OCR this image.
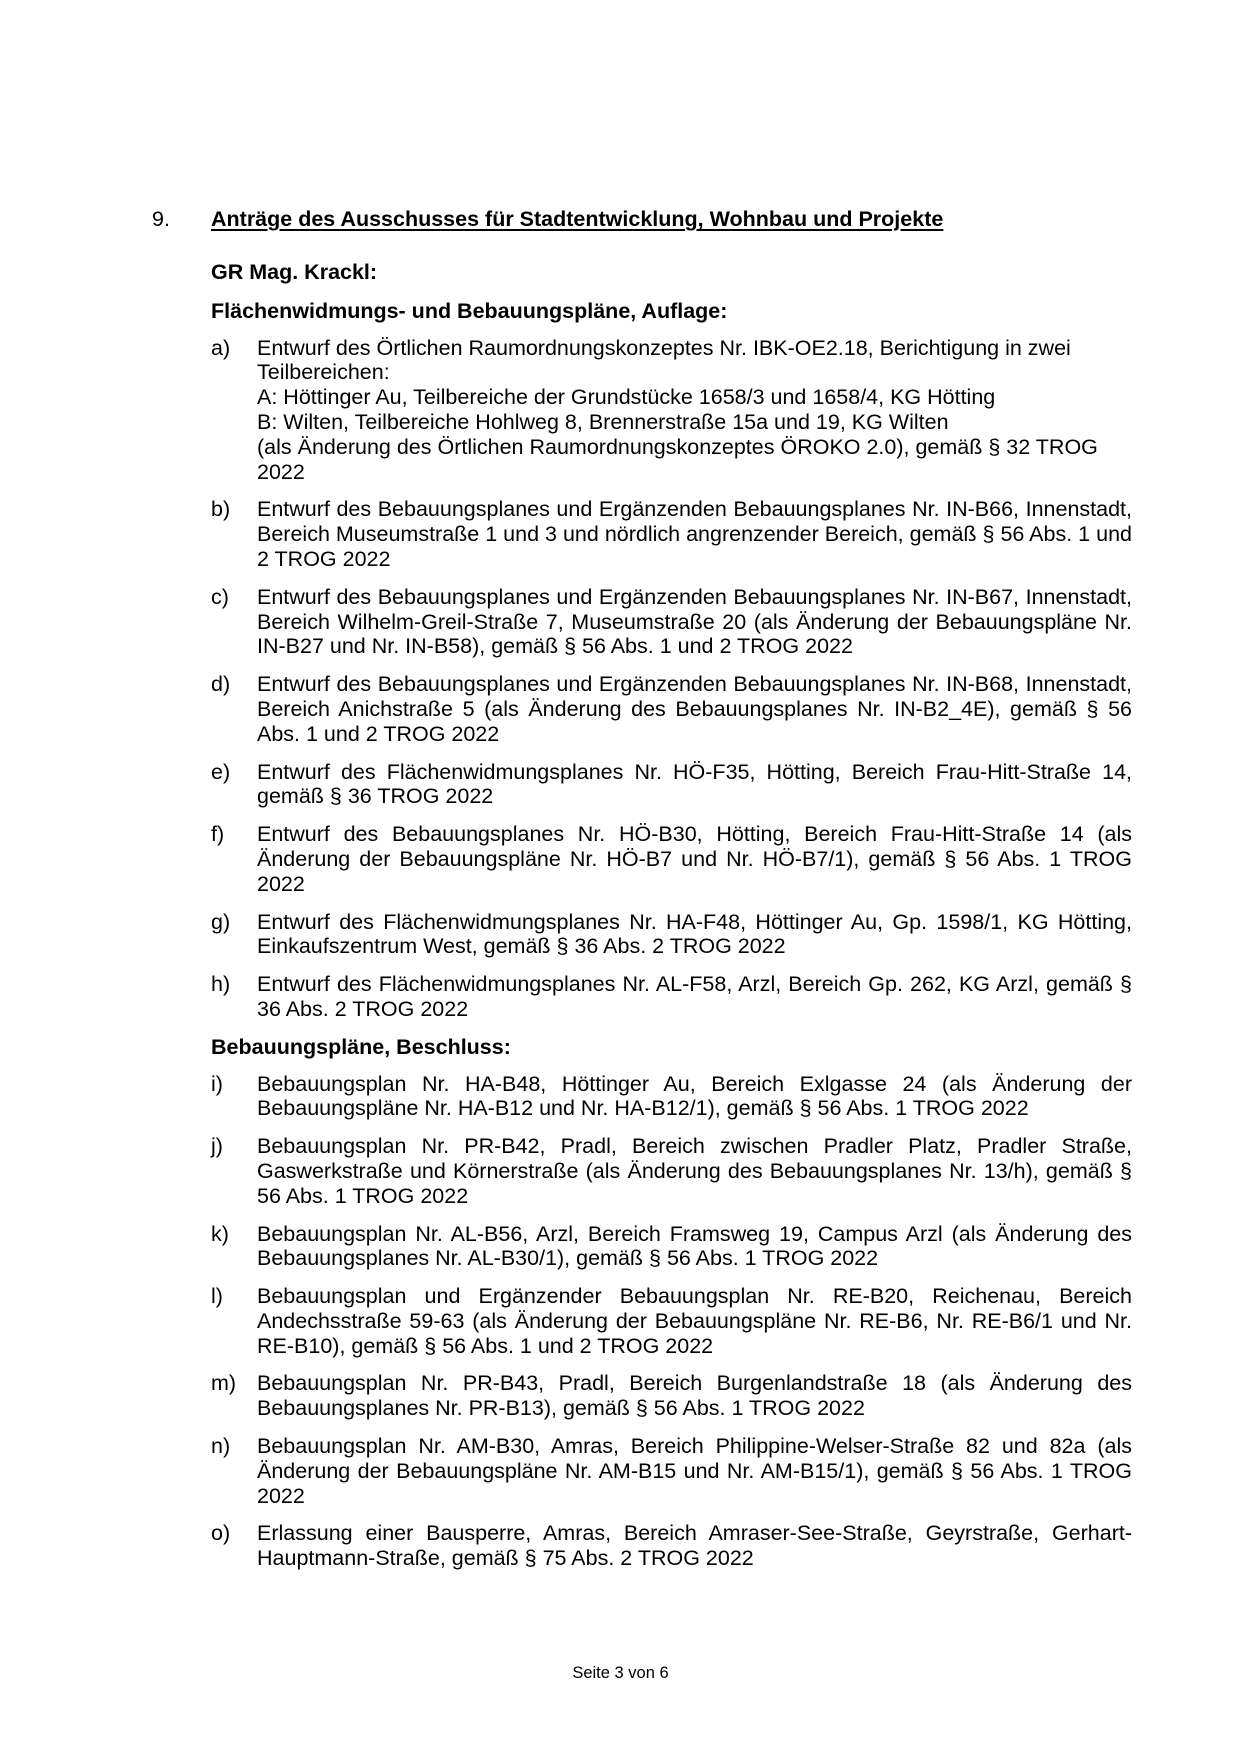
9.	Anträge des Ausschusses für Stadtentwicklung, Wohnbau und Projekte
GR Mag. Krackl:
Flächenwidmungs- und Bebauungspläne, Auflage:
a)	Entwurf des Örtlichen Raumordnungskonzeptes Nr. IBK-OE2.18, Berichtigung in zwei Teilbereichen:
A: Höttinger Au, Teilbereiche der Grundstücke 1658/3 und 1658/4, KG Hötting
B: Wilten, Teilbereiche Hohlweg 8, Brennerstraße 15a und 19, KG Wilten
(als Änderung des Örtlichen Raumordnungskonzeptes ÖROKO 2.0), gemäß § 32 TROG 2022
b)	Entwurf des Bebauungsplanes und Ergänzenden Bebauungsplanes Nr. IN-B66, Innenstadt, Bereich Museumstraße 1 und 3 und nördlich angrenzender Bereich, gemäß § 56 Abs. 1 und 2 TROG 2022
c)	Entwurf des Bebauungsplanes und Ergänzenden Bebauungsplanes Nr. IN-B67, Innenstadt, Bereich Wilhelm-Greil-Straße 7, Museumstraße 20 (als Änderung der Bebauungspläne Nr. IN-B27 und Nr. IN-B58), gemäß § 56 Abs. 1 und 2 TROG 2022
d)	Entwurf des Bebauungsplanes und Ergänzenden Bebauungsplanes Nr. IN-B68, Innenstadt, Bereich Anichstraße 5 (als Änderung des Bebauungsplanes Nr. IN-B2_4E), gemäß § 56 Abs. 1 und 2 TROG 2022
e)	Entwurf des Flächenwidmungsplanes Nr. HÖ-F35, Hötting, Bereich Frau-Hitt-Straße 14, gemäß § 36 TROG 2022
f)	Entwurf des Bebauungsplanes Nr. HÖ-B30, Hötting, Bereich Frau-Hitt-Straße 14 (als Änderung der Bebauungspläne Nr. HÖ-B7 und Nr. HÖ-B7/1), gemäß § 56 Abs. 1 TROG 2022
g)	Entwurf des Flächenwidmungsplanes Nr. HA-F48, Höttinger Au, Gp. 1598/1, KG Hötting, Einkaufszentrum West, gemäß § 36 Abs. 2 TROG 2022
h)	Entwurf des Flächenwidmungsplanes Nr. AL-F58, Arzl, Bereich Gp. 262, KG Arzl, gemäß § 36 Abs. 2 TROG 2022
Bebauungspläne, Beschluss:
i)	Bebauungsplan Nr. HA-B48, Höttinger Au, Bereich Exlgasse 24 (als Änderung der Bebauungspläne Nr. HA-B12 und Nr. HA-B12/1), gemäß § 56 Abs. 1 TROG 2022
j)	Bebauungsplan Nr. PR-B42, Pradl, Bereich zwischen Pradler Platz, Pradler Straße, Gaswerkstraße und Körnerstraße (als Änderung des Bebauungsplanes Nr. 13/h), gemäß § 56 Abs. 1 TROG 2022
k)	Bebauungsplan Nr. AL-B56, Arzl, Bereich Framsweg 19, Campus Arzl (als Änderung des Bebauungsplanes Nr. AL-B30/1), gemäß § 56 Abs. 1 TROG 2022
l)	Bebauungsplan und Ergänzender Bebauungsplan Nr. RE-B20, Reichenau, Bereich Andechsstraße 59-63 (als Änderung der Bebauungspläne Nr. RE-B6, Nr. RE-B6/1 und Nr. RE-B10), gemäß § 56 Abs. 1 und 2 TROG 2022
m) Bebauungsplan Nr. PR-B43, Pradl, Bereich Burgenlandstraße 18 (als Änderung des Bebauungsplanes Nr. PR-B13), gemäß § 56 Abs. 1 TROG 2022
n)	Bebauungsplan Nr. AM-B30, Amras, Bereich Philippine-Welser-Straße 82 und 82a (als Änderung der Bebauungspläne Nr. AM-B15 und Nr. AM-B15/1), gemäß § 56 Abs. 1 TROG 2022
o)	Erlassung einer Bausperre, Amras, Bereich Amraser-See-Straße, Geyrstraße, Gerhart-Hauptmann-Straße, gemäß § 75 Abs. 2 TROG 2022
Seite 3 von 6
